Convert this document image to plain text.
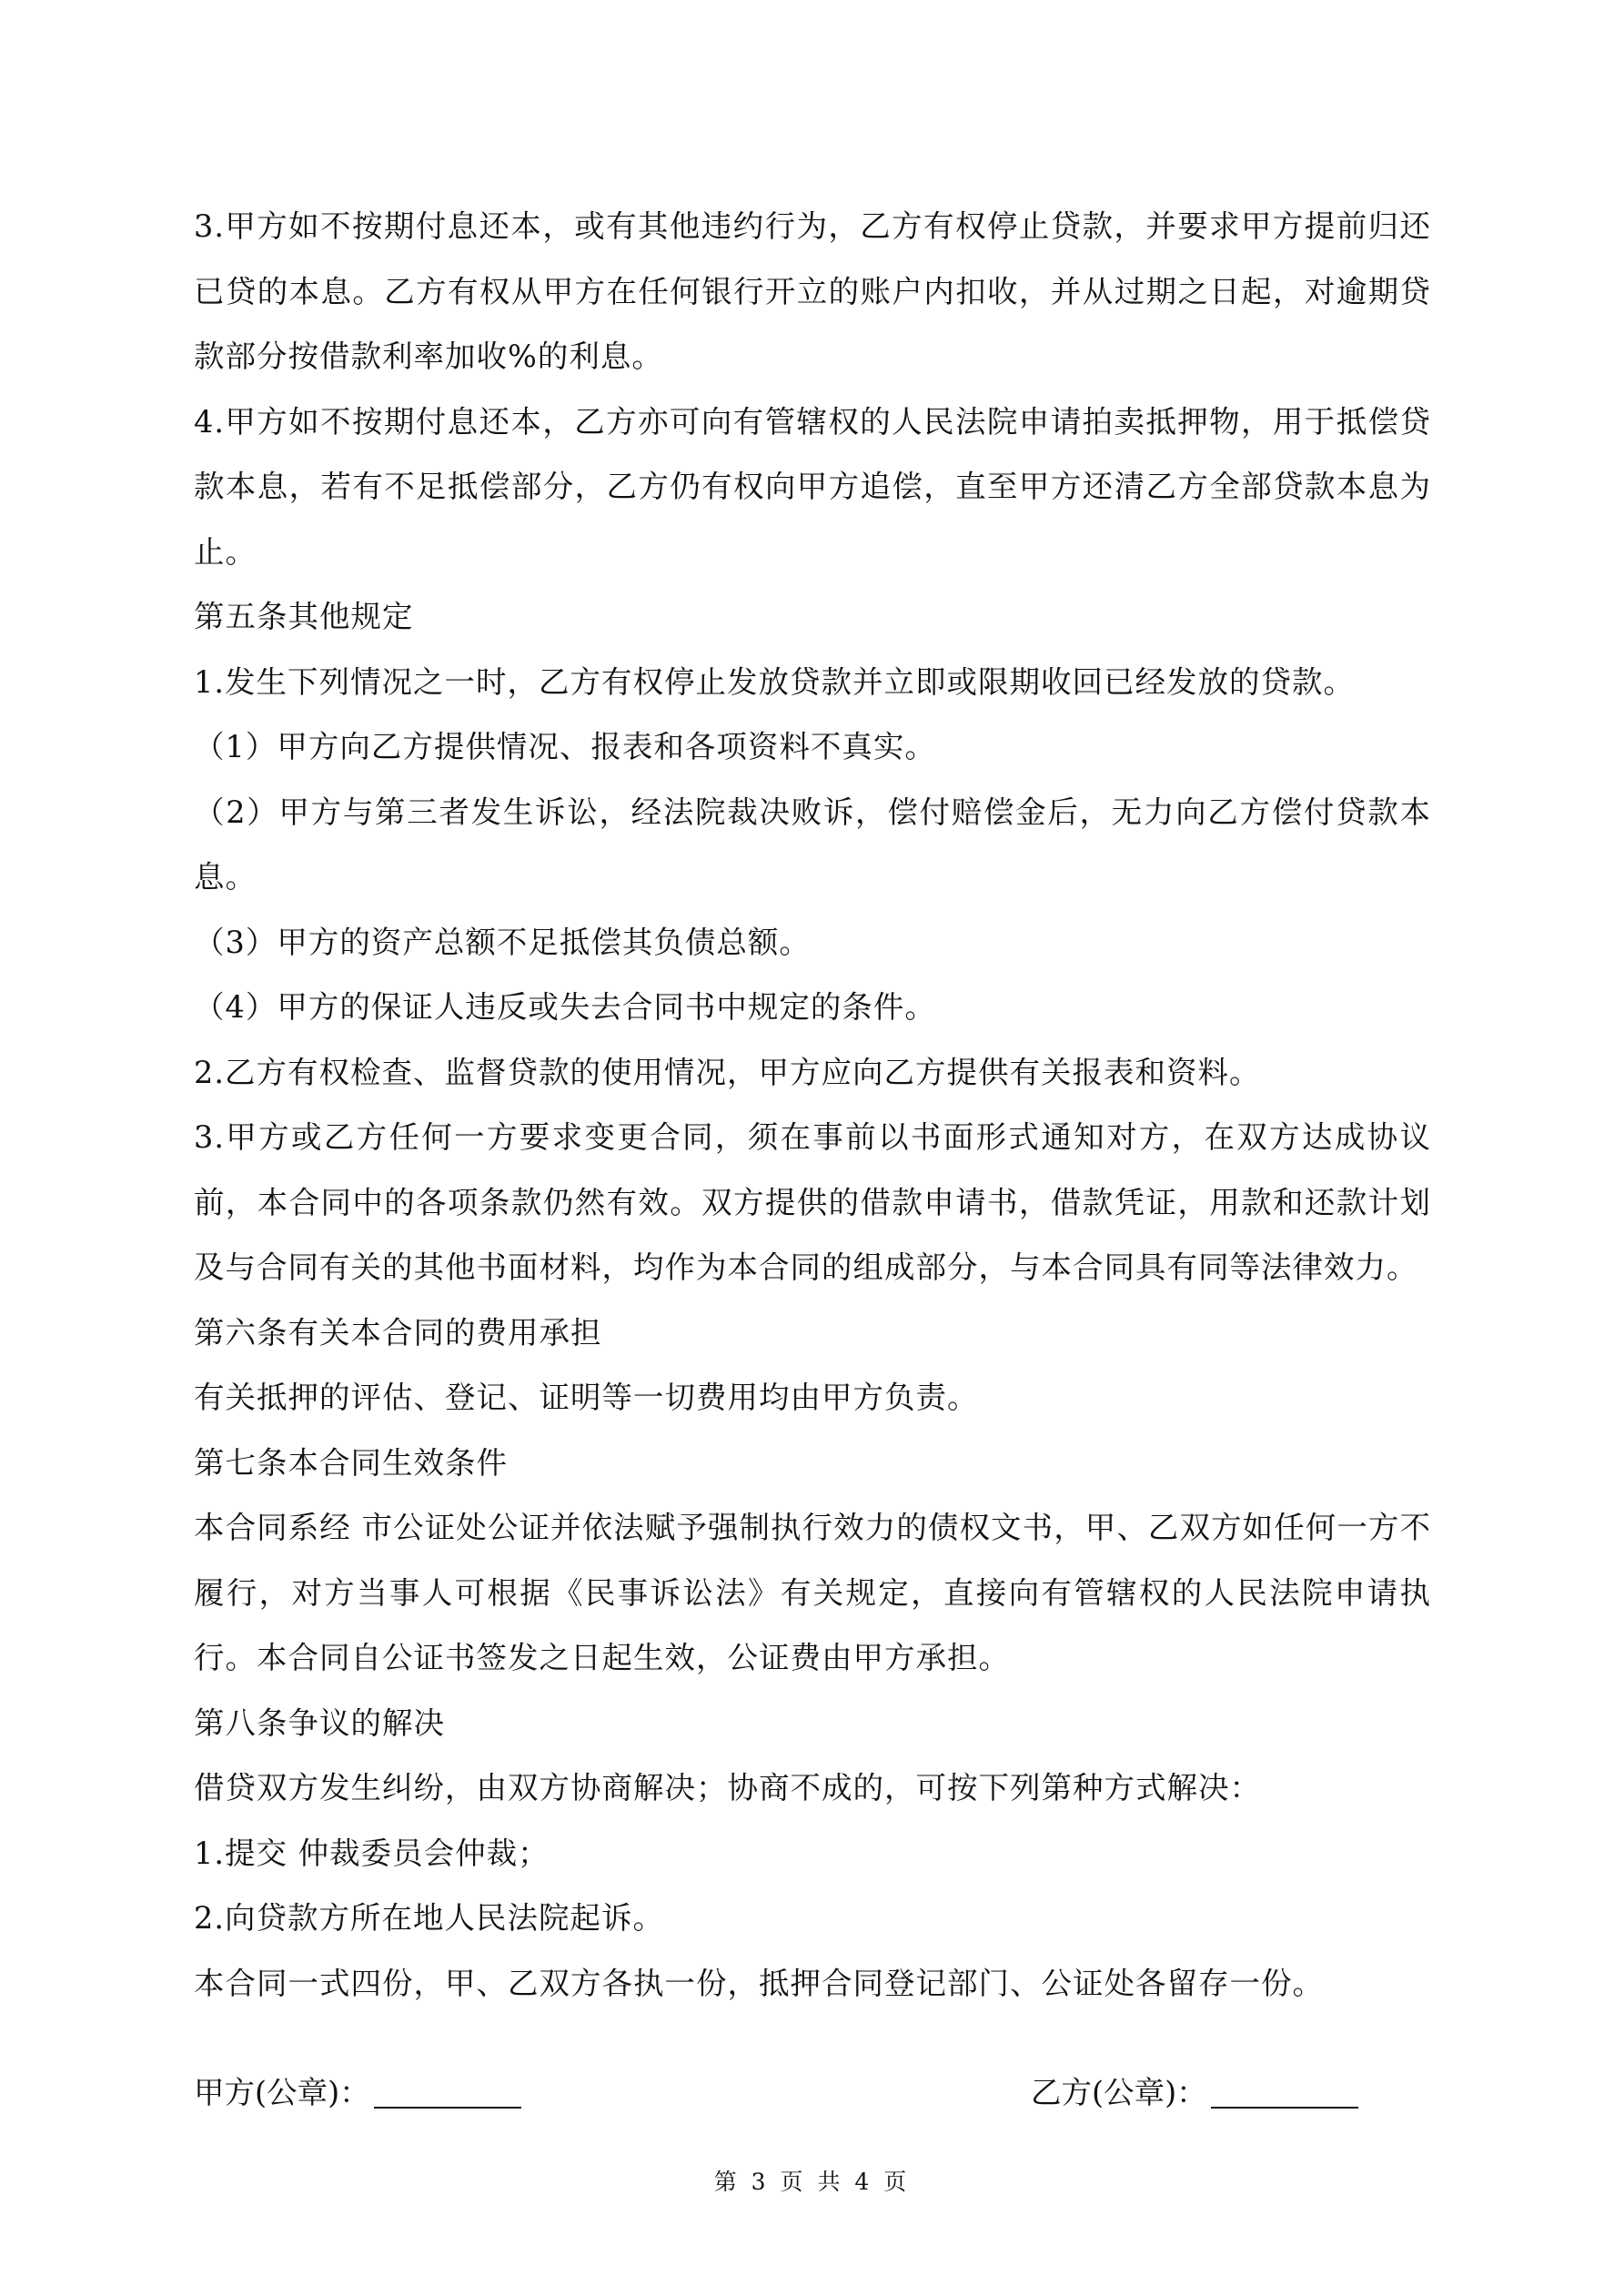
3.甲方如不按期付息还本，或有其他违约行为，乙方有权停止贷款，并要求甲方提前归还已贷的本息。乙方有权从甲方在任何银行开立的账户内扣收，并从过期之日起，对逾期贷款部分按借款利率加收%的利息。

4.甲方如不按期付息还本，乙方亦可向有管辖权的人民法院申请拍卖抵押物，用于抵偿贷款本息，若有不足抵偿部分，乙方仍有权向甲方追偿，直至甲方还清乙方全部贷款本息为止。

第五条其他规定

1.发生下列情况之一时，乙方有权停止发放贷款并立即或限期收回已经发放的贷款。

（1）甲方向乙方提供情况、报表和各项资料不真实。

（2）甲方与第三者发生诉讼，经法院裁决败诉，偿付赔偿金后，无力向乙方偿付贷款本息。

（3）甲方的资产总额不足抵偿其负债总额。

（4）甲方的保证人违反或失去合同书中规定的条件。

2.乙方有权检查、监督贷款的使用情况，甲方应向乙方提供有关报表和资料。

3.甲方或乙方任何一方要求变更合同，须在事前以书面形式通知对方，在双方达成协议前，本合同中的各项条款仍然有效。双方提供的借款申请书，借款凭证，用款和还款计划及与合同有关的其他书面材料，均作为本合同的组成部分，与本合同具有同等法律效力。

第六条有关本合同的费用承担

有关抵押的评估、登记、证明等一切费用均由甲方负责。

第七条本合同生效条件

本合同系经 市公证处公证并依法赋予强制执行效力的债权文书，甲、乙双方如任何一方不履行，对方当事人可根据《民事诉讼法》有关规定，直接向有管辖权的人民法院申请执行。本合同自公证书签发之日起生效，公证费由甲方承担。

第八条争议的解决

借贷双方发生纠纷，由双方协商解决；协商不成的，可按下列第种方式解决：

1.提交 仲裁委员会仲裁；

2.向贷款方所在地人民法院起诉。

本合同一式四份，甲、乙双方各执一份，抵押合同登记部门、公证处各留存一份。

甲方(公章)：	乙方(公章)：
第 3 页 共 4 页
